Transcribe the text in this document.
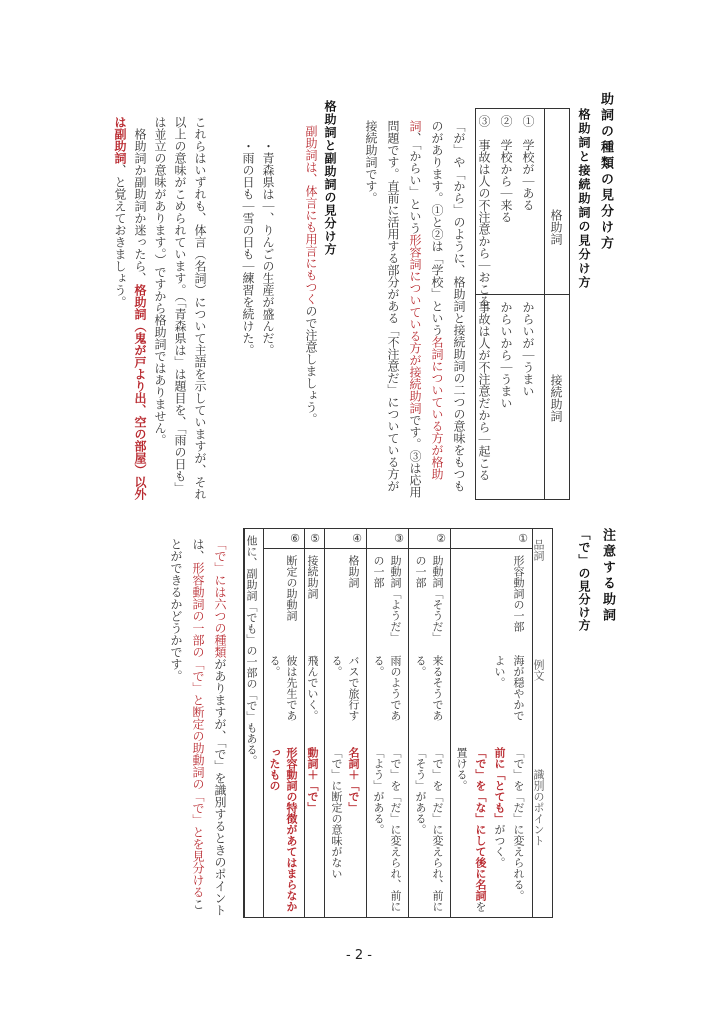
助詞の種類の見分け方
格助詞と接続助詞の見分け方
格助詞
接続助詞
①　学校が｜ある
②　学校から｜来る
③　事故は人の不注意から｜おこる
からいが｜うまい
からいから｜うまい
事故は人が不注意だから｜起こる
「が」や「から」のように、格助詞と接続助詞の二つの意味をもつものがあります。①と②は「学校」という名詞についている方が格助詞、「からい」という形容詞についている方が接続助詞です。③は応用問題です。直前に活用する部分がある「不注意だ」についている方が接続助詞です。
格助詞と副助詞の見分け方
副助詞は、体言にも用言にもつくので注意しましょう。
・青森県は｜、りんごの生産が盛んだ。
・雨の日も｜雪の日も｜練習を続けた。
これらはいずれも、体言（名詞）について主語を示していますが、それ以上の意味がこめられています。（「青森県は」は題目を、「雨の日も」は並立の意味があります。）ですから格助詞ではありません。
　格助詞か副助詞か迷ったら、格助詞（鬼が戸より出、空の部屋）以外は副助詞、と覚えておきましょう。
注意する助詞
「で」の見分け方
品詞
例文
識別のポイント
①
形容動詞の一部
海が穏やかでよい。
「で」を「だ」に変えられる。
前に「とても」がつく。
「で」を「な」にして後に名詞を置ける。
②
助動詞「そうだ」の一部
来るそうである。
「で」を「だ」に変えられ、前に「そう」がある。
③
助動詞「ようだ」の一部
雨のようである。
「で」を「だ」に変えられ、前に「よう」がある。
④
格助詞
バスで旅行する。
名詞＋「で」
「で」に断定の意味がない
⑤
接続助詞
飛んでいく。
動詞＋「で」
⑥
断定の助動詞
彼は先生である。
形容動詞の特徴があてはまらなかったもの
他に、副助詞「でも」の一部の「で」もある。
「で」には六つの種類がありますが、「で」を識別するときのポイントは、形容動詞の一部の「で」と断定の助動詞の「で」とを見分けることができるかどうかです。
- 2 -
